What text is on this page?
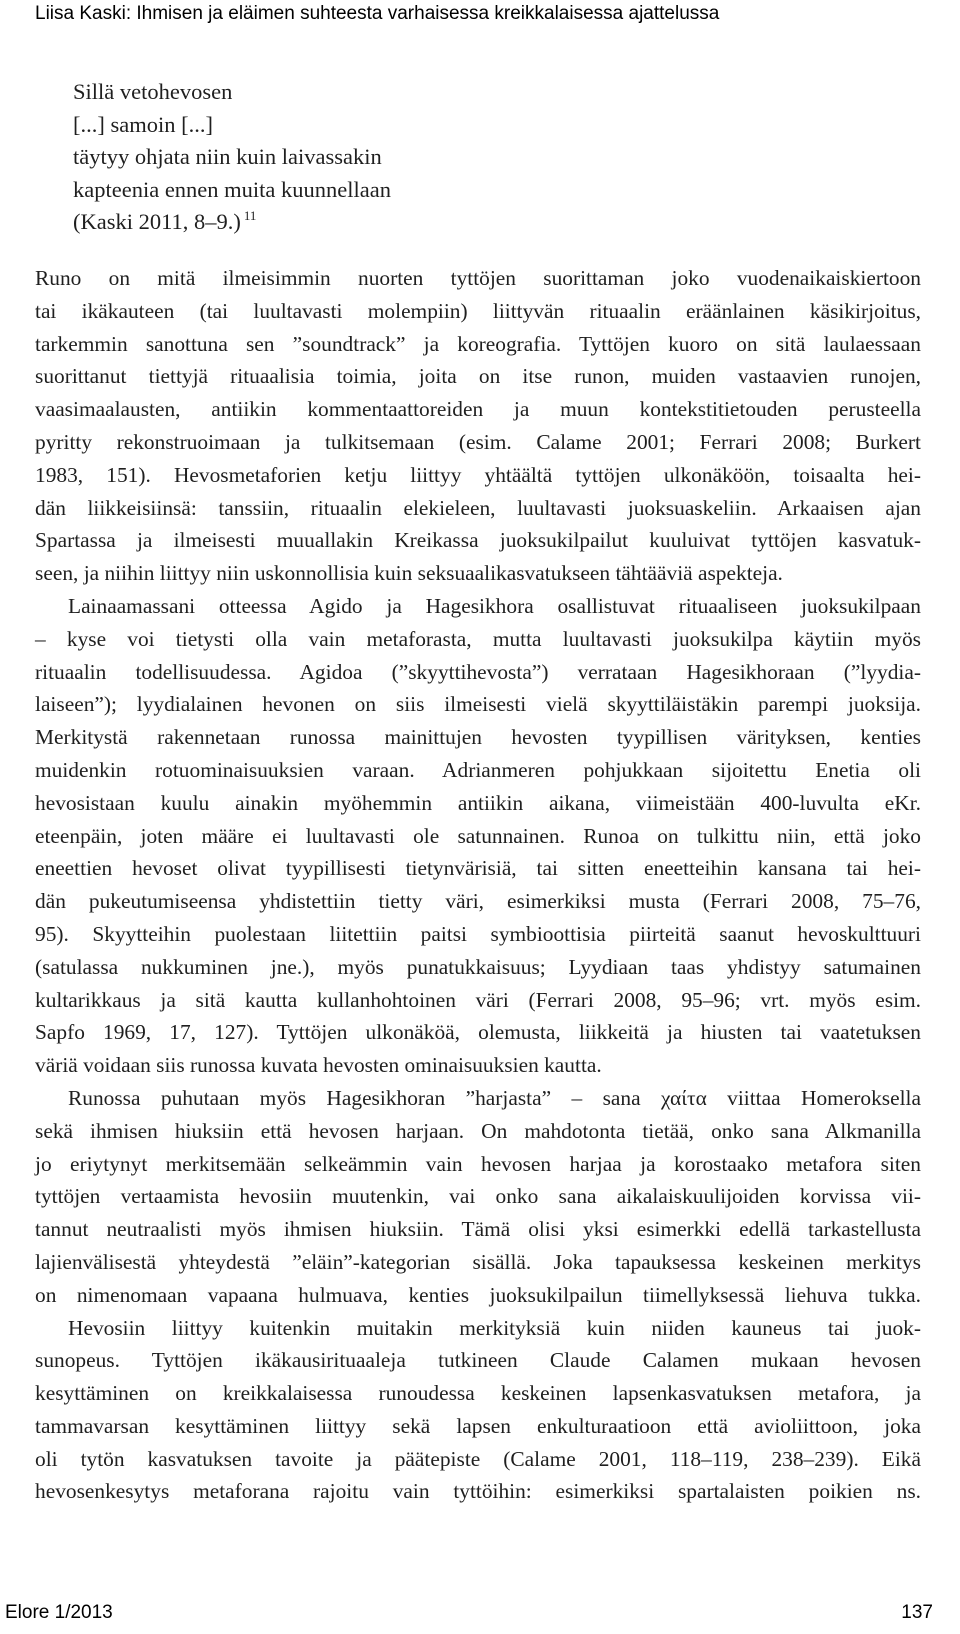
Liisa Kaski: Ihmisen ja eläimen suhteesta varhaisessa kreikkalaisessa ajattelussa
Sillä vetohevosen
[...] samoin [...]
täytyy ohjata niin kuin laivassakin
kapteenia ennen muita kuunnellaan
(Kaski 2011, 8–9.) $^{11}$
Runo on mitä ilmeisimmin nuorten tyttöjen suorittaman joko vuodenaikaiskiertoon
tai ikäkauteen (tai luultavasti molempiin) liittyvän rituaalin eräänlainen käsikirjoitus,
tarkemmin sanottuna sen ”soundtrack” ja koreografia. Tyttöjen kuoro on sitä laulaessaan
suorittanut tiettyjä rituaalisia toimia, joita on itse runon, muiden vastaavien runojen,
vaasimaalausten, antiikin kommentaattoreiden ja muun kontekstitietouden perusteella
pyritty rekonstruoimaan ja tulkitsemaan (esim. Calame 2001; Ferrari 2008; Burkert
1983, 151). Hevosmetaforien ketju liittyy yhtäältä tyttöjen ulkonäköön, toisaalta hei-
dän liikkeisiinsä: tanssiin, rituaalin elekieleen, luultavasti juoksuaskeliin. Arkaaisen ajan
Spartassa ja ilmeisesti muuallakin Kreikassa juoksukilpailut kuuluivat tyttöjen kasvatuk-
seen, ja niihin liittyy niin uskonnollisia kuin seksuaalikasvatukseen tähtääviä aspekteja.
Lainaamassani otteessa Agido ja Hagesikhora osallistuvat rituaaliseen juoksukilpaan
– kyse voi tietysti olla vain metaforasta, mutta luultavasti juoksukilpa käytiin myös
rituaalin todellisuudessa. Agidoa (”skyyttihevosta”) verrataan Hagesikhoraan (”lyydia-
laiseen”); lyydialainen hevonen on siis ilmeisesti vielä skyyttiläistäkin parempi juoksija.
Merkitystä rakennetaan runossa mainittujen hevosten tyypillisen värityksen, kenties
muidenkin rotuominaisuuksien varaan. Adrianmeren pohjukkaan sijoitettu Enetia oli
hevosistaan kuulu ainakin myöhemmin antiikin aikana, viimeistään 400-luvulta eKr.
eteenpäin, joten määre ei luultavasti ole satunnainen. Runoa on tulkittu niin, että joko
eneettien hevoset olivat tyypillisesti tietynvärisiä, tai sitten eneetteihin kansana tai hei-
dän pukeutumiseensa yhdistettiin tietty väri, esimerkiksi musta (Ferrari 2008, 75–76,
95). Skyytteihin puolestaan liitettiin paitsi symbioottisia piirteitä saanut hevoskulttuuri
(satulassa nukkuminen jne.), myös punatukkaisuus; Lyydiaan taas yhdistyy satumainen
kultarikkaus ja sitä kautta kullanhohtoinen väri (Ferrari 2008, 95–96; vrt. myös esim.
Sapfo 1969, 17, 127). Tyttöjen ulkonäköä, olemusta, liikkeitä ja hiusten tai vaatetuksen
väriä voidaan siis runossa kuvata hevosten ominaisuuksien kautta.
Runossa puhutaan myös Hagesikhoran ”harjasta” – sana χαίτα viittaa Homeroksella
sekä ihmisen hiuksiin että hevosen harjaan. On mahdotonta tietää, onko sana Alkmanilla
jo eriytynyt merkitsemään selkeämmin vain hevosen harjaa ja korostaako metafora siten
tyttöjen vertaamista hevosiin muutenkin, vai onko sana aikalaiskuulijoiden korvissa vii-
tannut neutraalisti myös ihmisen hiuksiin. Tämä olisi yksi esimerkki edellä tarkastellusta
lajienvälisestä yhteydestä ”eläin”-kategorian sisällä. Joka tapauksessa keskeinen merkitys
on nimenomaan vapaana hulmuava, kenties juoksukilpailun tiimellyksessä liehuva tukka.
Hevosiin liittyy kuitenkin muitakin merkityksiä kuin niiden kauneus tai juok-
sunopeus. Tyttöjen ikäkausirituaaleja tutkineen Claude Calamen mukaan hevosen
kesyttäminen on kreikkalaisessa runoudessa keskeinen lapsenkasvatuksen metafora, ja
tammavarsan kesyttäminen liittyy sekä lapsen enkulturaatioon että avioliittoon, joka
oli tytön kasvatuksen tavoite ja päätepiste (Calame 2001, 118–119, 238–239). Eikä
hevosenkesytys metaforana rajoitu vain tyttöihin: esimerkiksi spartalaisten poikien ns.
Elore 1/2013	137
